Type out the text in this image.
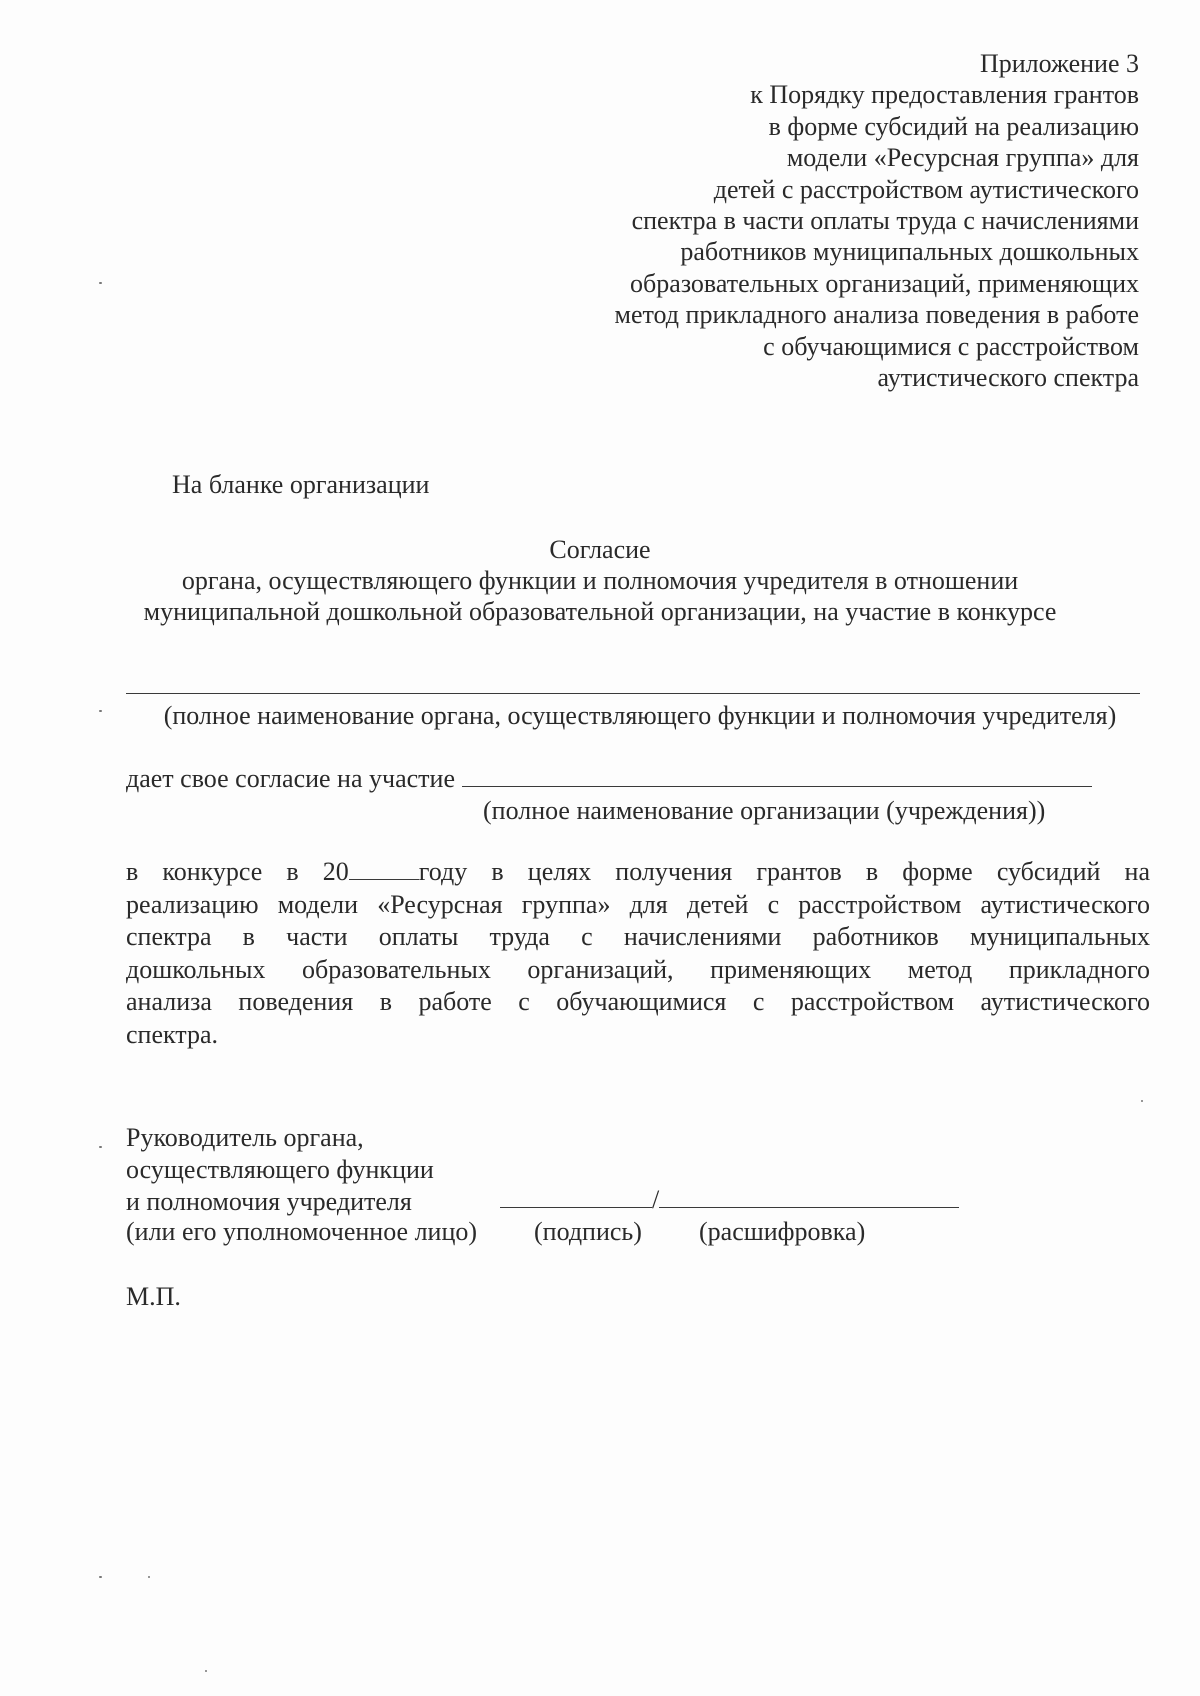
Приложение 3
к Порядку предоставления грантов
в форме субсидий на реализацию
модели «Ресурсная группа» для
детей с расстройством аутистического
спектра в части оплаты труда с начислениями
работников муниципальных дошкольных
образовательных организаций, применяющих
метод прикладного анализа поведения в работе
с обучающимися с расстройством
аутистического спектра
На бланке организации
Согласие
органа, осуществляющего функции и полномочия учредителя в отношении
муниципальной дошкольной образовательной организации, на участие в конкурсе
(полное наименование органа, осуществляющего функции и полномочия учредителя)
дает свое согласие на участие
(полное наименование организации (учреждения))
в конкурсе в 20	году в целях получения грантов в форме субсидий на
реализацию модели «Ресурсная группа» для детей с расстройством аутистического
спектра в части оплаты труда с начислениями работников муниципальных
дошкольных образовательных организаций, применяющих метод прикладного
анализа поведения в работе с обучающимися с расстройством аутистического
спектра.
Руководитель органа,
осуществляющего функции
и полномочия учредителя	/
(или его уполномоченное лицо) (подпись) (расшифровка)
М.П.
